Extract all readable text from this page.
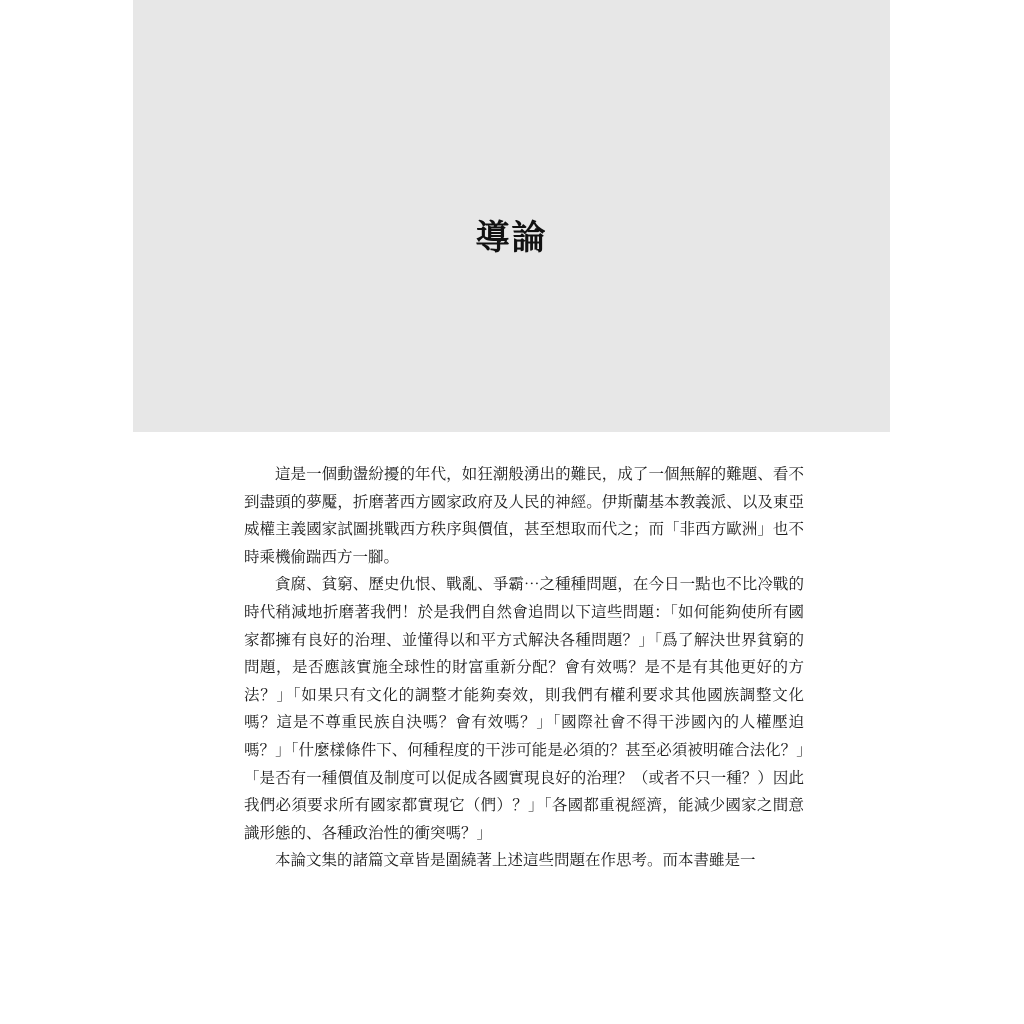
導論

這是一個動盪紛擾的年代，如狂潮般湧出的難民，成了一個無解的難題、看不到盡頭的夢魘，折磨著西方國家政府及人民的神經。伊斯蘭基本教義派、以及東亞威權主義國家試圖挑戰西方秩序與價值，甚至想取而代之；而「非西方歐洲」也不時乘機偷踹西方一腳。

貪腐、貧窮、歷史仇恨、戰亂、爭霸⋯之種種問題，在今日一點也不比冷戰的時代稍減地折磨著我們！於是我們自然會追問以下這些問題：「如何能夠使所有國家都擁有良好的治理、並懂得以和平方式解決各種問題？」「爲了解決世界貧窮的問題，是否應該實施全球性的財富重新分配？會有效嗎？是不是有其他更好的方法？」「如果只有文化的調整才能夠奏效，則我們有權利要求其他國族調整文化嗎？這是不尊重民族自決嗎？會有效嗎？」「國際社會不得干涉國內的人權壓迫嗎？」「什麼樣條件下、何種程度的干涉可能是必須的？甚至必須被明確合法化？」「是否有一種價值及制度可以促成各國實現良好的治理？（或者不只一種？）因此我們必須要求所有國家都實現它（們）？」「各國都重視經濟，能減少國家之間意識形態的、各種政治性的衝突嗎？」

本論文集的諸篇文章皆是圍繞著上述這些問題在作思考。而本書雖是一
